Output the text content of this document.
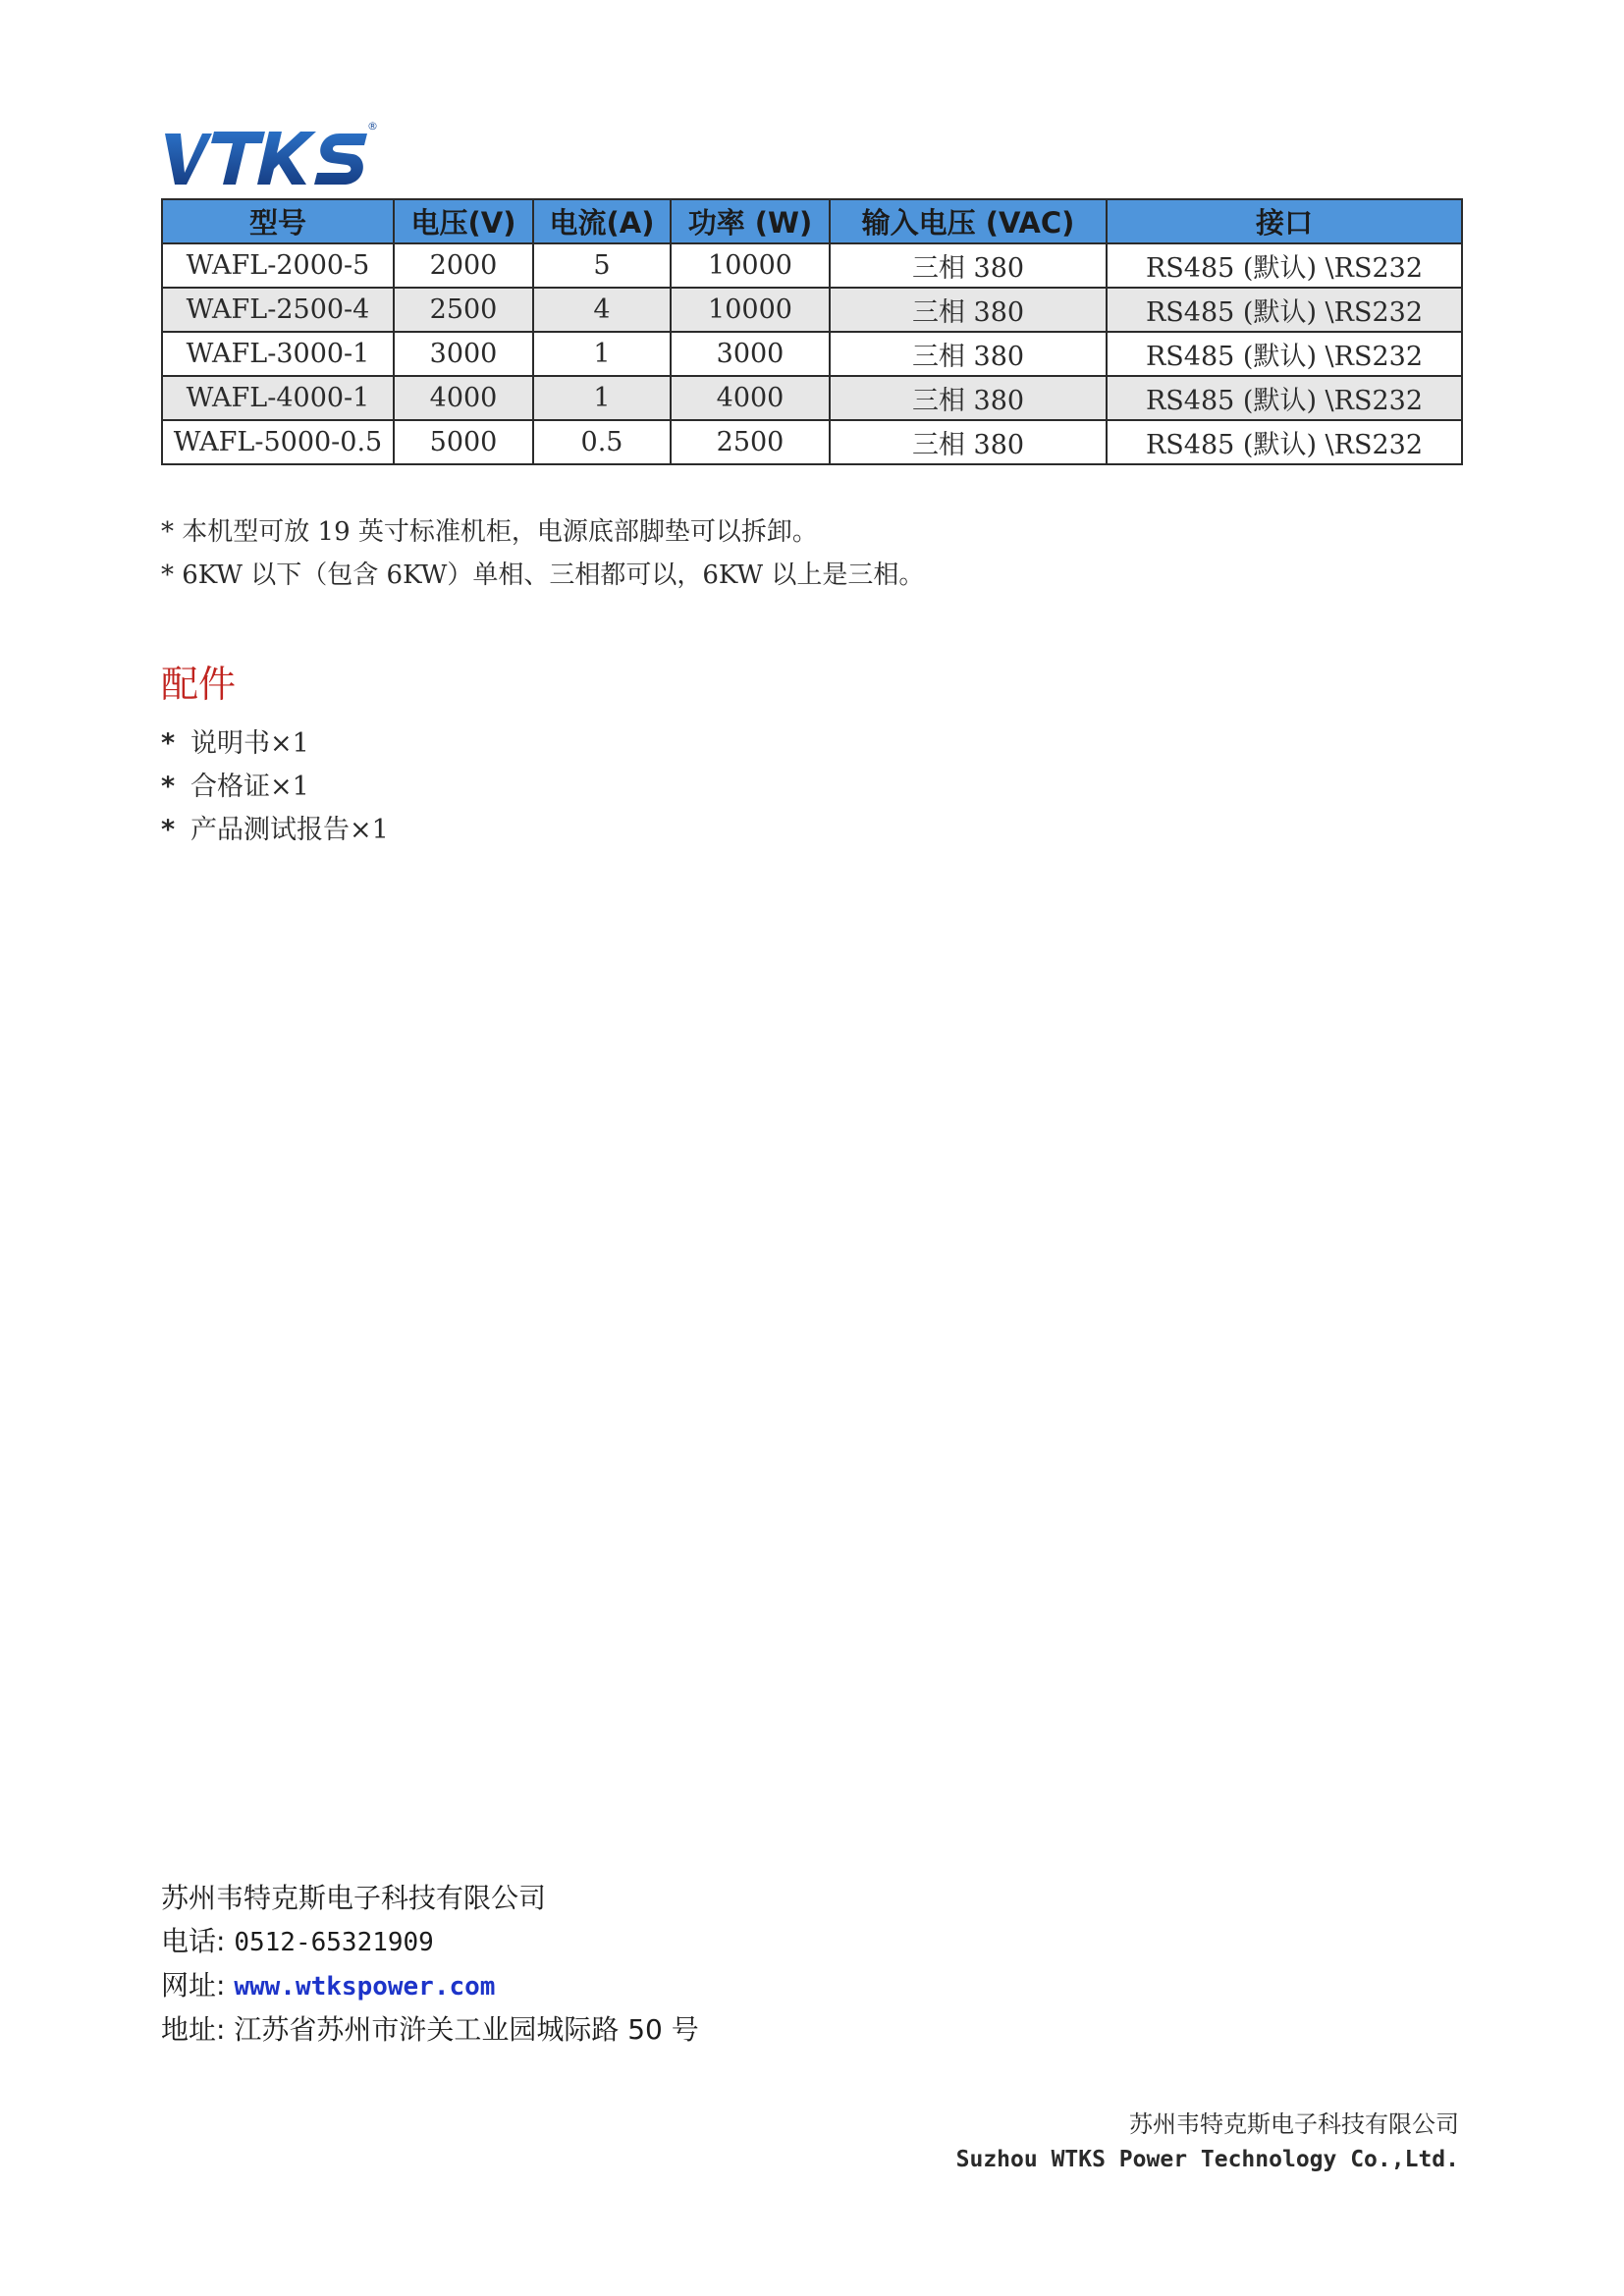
®
型号	电压(V)	电流(A)	功率 (W)	输入电压 (VAC)	接口
WAFL-2000-5	2000	5	10000	三相 380	RS485 (默认) \RS232
WAFL-2500-4	2500	4	10000	三相 380	RS485 (默认) \RS232
WAFL-3000-1	3000	1	3000	三相 380	RS485 (默认) \RS232
WAFL-4000-1	4000	1	4000	三相 380	RS485 (默认) \RS232
WAFL-5000-0.5	5000	0.5	2500	三相 380	RS485 (默认) \RS232
* 本机型可放 19 英寸标准机柜，电源底部脚垫可以拆卸。
* 6KW 以下（包含 6KW）单相、三相都可以，6KW 以上是三相。
配件
* 说明书×1
* 合格证×1
* 产品测试报告×1
苏州韦特克斯电子科技有限公司
电话: 0512-65321909
网址: www.wtkspower.com
地址: 江苏省苏州市浒关工业园城际路 50 号
苏州韦特克斯电子科技有限公司
Suzhou WTKS Power Technology Co.,Ltd.
